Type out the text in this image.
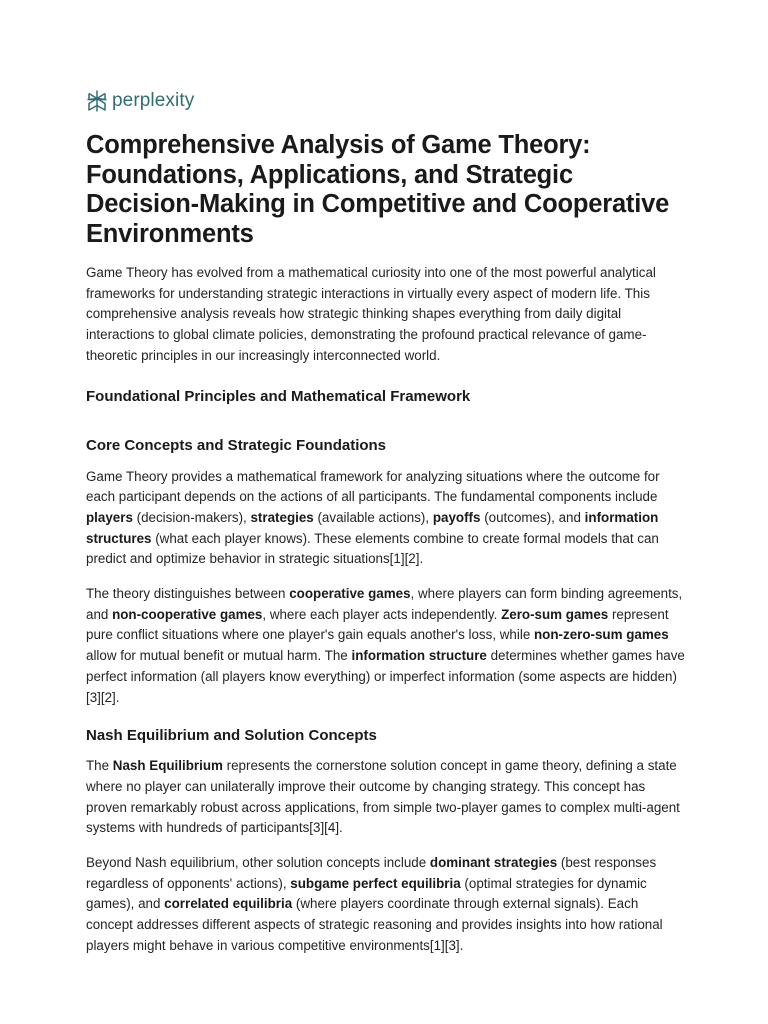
perplexity
Comprehensive Analysis of Game Theory: Foundations, Applications, and Strategic Decision-Making in Competitive and Cooperative Environments

Game Theory has evolved from a mathematical curiosity into one of the most powerful analytical frameworks for understanding strategic interactions in virtually every aspect of modern life. This comprehensive analysis reveals how strategic thinking shapes everything from daily digital interactions to global climate policies, demonstrating the profound practical relevance of game-theoretic principles in our increasingly interconnected world.

Foundational Principles and Mathematical Framework
Core Concepts and Strategic Foundations

Game Theory provides a mathematical framework for analyzing situations where the outcome for each participant depends on the actions of all participants. The fundamental components include players (decision-makers), strategies (available actions), payoffs (outcomes), and information structures (what each player knows). These elements combine to create formal models that can predict and optimize behavior in strategic situations[1][2].

The theory distinguishes between cooperative games, where players can form binding agreements, and non-cooperative games, where each player acts independently. Zero-sum games represent pure conflict situations where one player's gain equals another's loss, while non-zero-sum games allow for mutual benefit or mutual harm. The information structure determines whether games have perfect information (all players know everything) or imperfect information (some aspects are hidden)[3][2].

Nash Equilibrium and Solution Concepts

The Nash Equilibrium represents the cornerstone solution concept in game theory, defining a state where no player can unilaterally improve their outcome by changing strategy. This concept has proven remarkably robust across applications, from simple two-player games to complex multi-agent systems with hundreds of participants[3][4].

Beyond Nash equilibrium, other solution concepts include dominant strategies (best responses regardless of opponents' actions), subgame perfect equilibria (optimal strategies for dynamic games), and correlated equilibria (where players coordinate through external signals). Each concept addresses different aspects of strategic reasoning and provides insights into how rational players might behave in various competitive environments[1][3].
